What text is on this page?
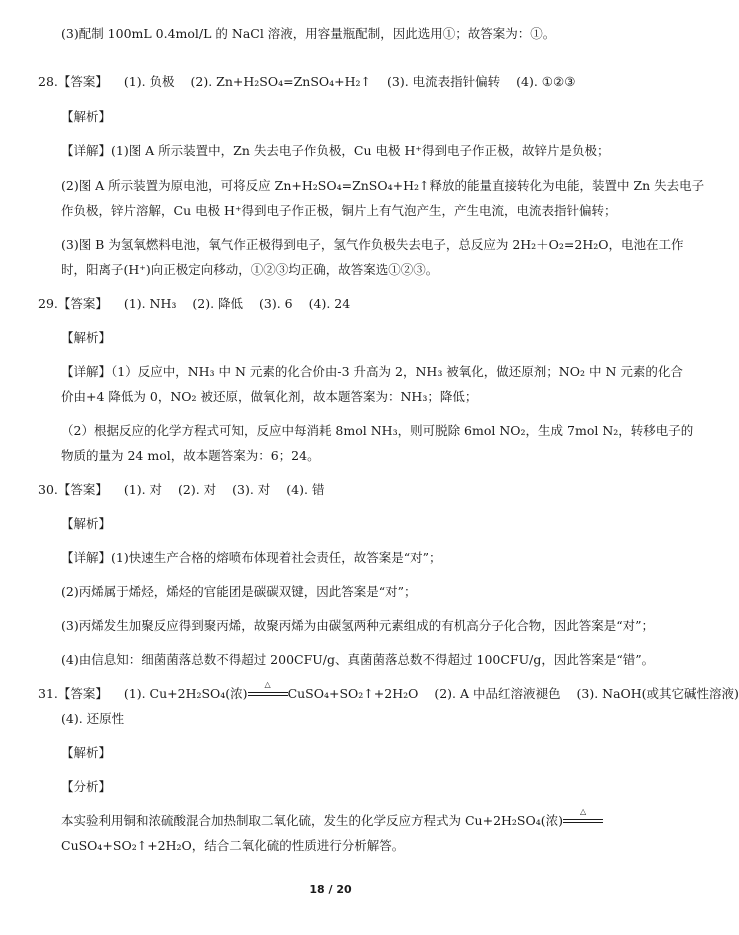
(3)配制 100mL 0.4mol/L 的 NaCl 溶液，用容量瓶配制，因此选用①；故答案为：①。
28.【答案】 (1). 负极 (2). Zn+H₂SO₄=ZnSO₄+H₂↑ (3). 电流表指针偏转 (4). ①②③
【解析】
【详解】(1)图 A 所示装置中，Zn 失去电子作负极，Cu 电极 H⁺得到电子作正极，故锌片是负极；
(2)图 A 所示装置为原电池，可将反应 Zn+H₂SO₄=ZnSO₄+H₂↑释放的能量直接转化为电能，装置中 Zn 失去电子
作负极，锌片溶解，Cu 电极 H⁺得到电子作正极，铜片上有气泡产生，产生电流，电流表指针偏转；
(3)图 B 为氢氧燃料电池，氧气作正极得到电子，氢气作负极失去电子，总反应为 2H₂＋O₂=2H₂O，电池在工作
时，阳离子(H⁺)向正极定向移动，①②③均正确，故答案选①②③。
29.【答案】 (1). NH₃ (2). 降低 (3). 6 (4). 24
【解析】
【详解】（1）反应中，NH₃ 中 N 元素的化合价由-3 升高为 2，NH₃ 被氧化，做还原剂；NO₂ 中 N 元素的化合
价由+4 降低为 0，NO₂ 被还原，做氧化剂，故本题答案为：NH₃；降低；
（2）根据反应的化学方程式可知，反应中每消耗 8mol NH₃，则可脱除 6mol NO₂，生成 7mol N₂，转移电子的
物质的量为 24 mol，故本题答案为：6；24。
30.【答案】 (1). 对 (2). 对 (3). 对 (4). 错
【解析】
【详解】(1)快速生产合格的熔喷布体现着社会责任，故答案是“对”；
(2)丙烯属于烯烃，烯烃的官能团是碳碳双键，因此答案是“对”；
(3)丙烯发生加聚反应得到聚丙烯，故聚丙烯为由碳氢两种元素组成的有机高分子化合物，因此答案是“对”；
(4)由信息知：细菌菌落总数不得超过 200CFU/g、真菌菌落总数不得超过 100CFU/g，因此答案是“错”。
31.【答案】 (1). Cu+2H₂SO₄(浓)
△
CuSO₄+SO₂↑+2H₂O (2). A 中品红溶液褪色 (3). NaOH(或其它碱性溶液)
(4). 还原性
【解析】
【分析】
本实验利用铜和浓硫酸混合加热制取二氧化硫，发生的化学反应方程式为 Cu+2H₂SO₄(浓)
△
CuSO₄+SO₂↑+2H₂O，结合二氧化硫的性质进行分析解答。
18 / 20
